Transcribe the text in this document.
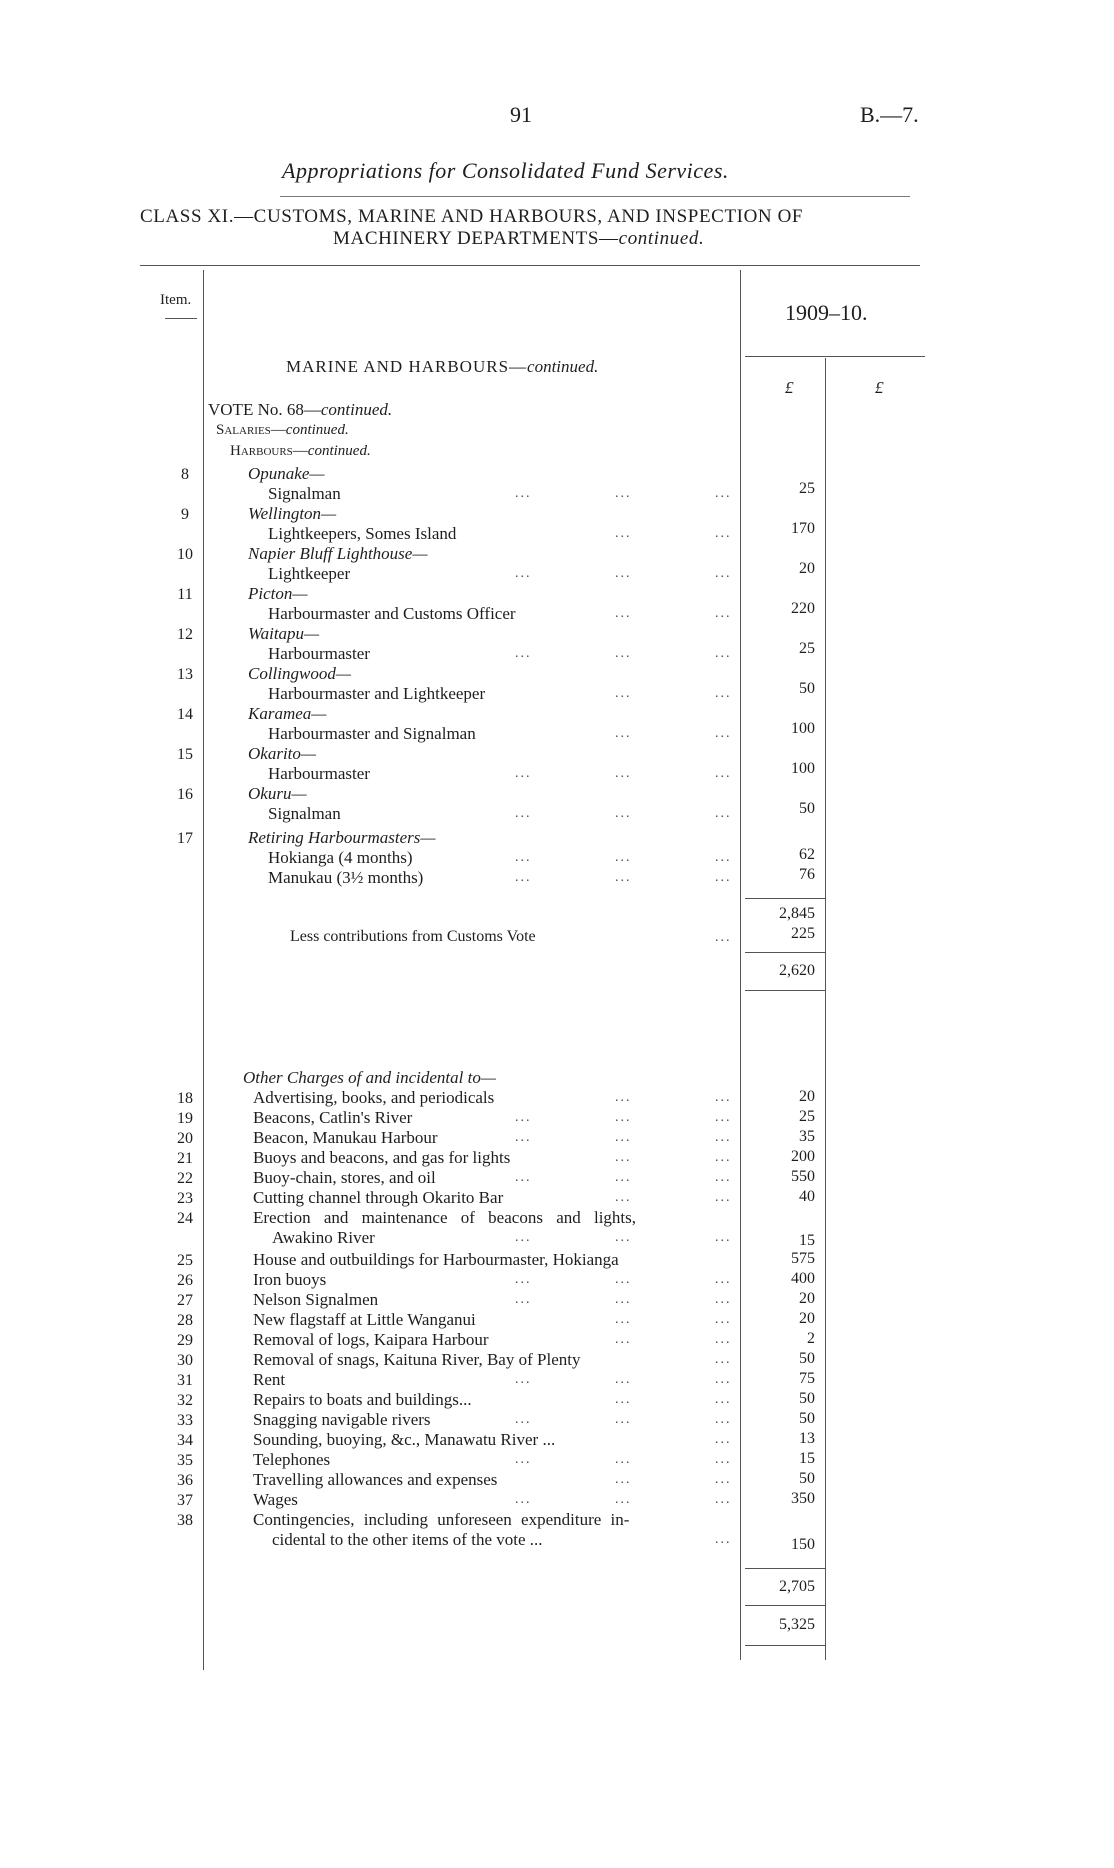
91	B.—7.
Appropriations for Consolidated Fund Services.
CLASS XI.—CUSTOMS, MARINE AND HARBOURS, AND INSPECTION OF
MACHINERY DEPARTMENTS—continued.
Item.	1909–10.
£	£
MARINE AND HARBOURS—continued.
VOTE No. 68—continued.
Salaries—continued.
Harbours—continued.
8	Opunake—
Signalman	...	...	...	25
9	Wellington—
Lightkeepers, Somes Island	...	...	170
10	Napier Bluff Lighthouse—
Lightkeeper	...	...	...	20
11	Picton—
Harbourmaster and Customs Officer	...	...	220
12	Waitapu—
Harbourmaster	...	...	...	25
13	Collingwood—
Harbourmaster and Lightkeeper	...	...	50
14	Karamea—
Harbourmaster and Signalman	...	...	100
15	Okarito—
Harbourmaster	...	...	...	100
16	Okuru—
Signalman	...	...	...	50
17	Retiring Harbourmasters—
Hokianga (4 months)	...	...	...	62
Manukau (3½ months)	...	...	...	76
2,845
Less contributions from Customs Vote	...	225
2,620
Other Charges of and incidental to—
18	Advertising, books, and periodicals	...	...	20
19	Beacons, Catlin's River	...	...	...	25
20	Beacon, Manukau Harbour	...	...	...	35
21	Buoys and beacons, and gas for lights	...	...	200
22	Buoy-chain, stores, and oil	...	...	...	550
23	Cutting channel through Okarito Bar	...	...	40
24	Erection and maintenance of beacons and lights,
Awakino River	...	...	...	15
25	House and outbuildings for Harbourmaster, Hokianga	575
26	Iron buoys	...	...	...	400
27	Nelson Signalmen	...	...	...	20
28	New flagstaff at Little Wanganui	...	...	20
29	Removal of logs, Kaipara Harbour	...	...	2
30	Removal of snags, Kaituna River, Bay of Plenty	...	50
31	Rent	...	...	...	75
32	Repairs to boats and buildings...	...	...	50
33	Snagging navigable rivers	...	...	...	50
34	Sounding, buoying, &c., Manawatu River ...	...	13
35	Telephones	...	...	...	15
36	Travelling allowances and expenses	...	...	50
37	Wages	...	...	...	350
38	Contingencies, including unforeseen expenditure in-
cidental to the other items of the vote ...	...	150
2,705
5,325
